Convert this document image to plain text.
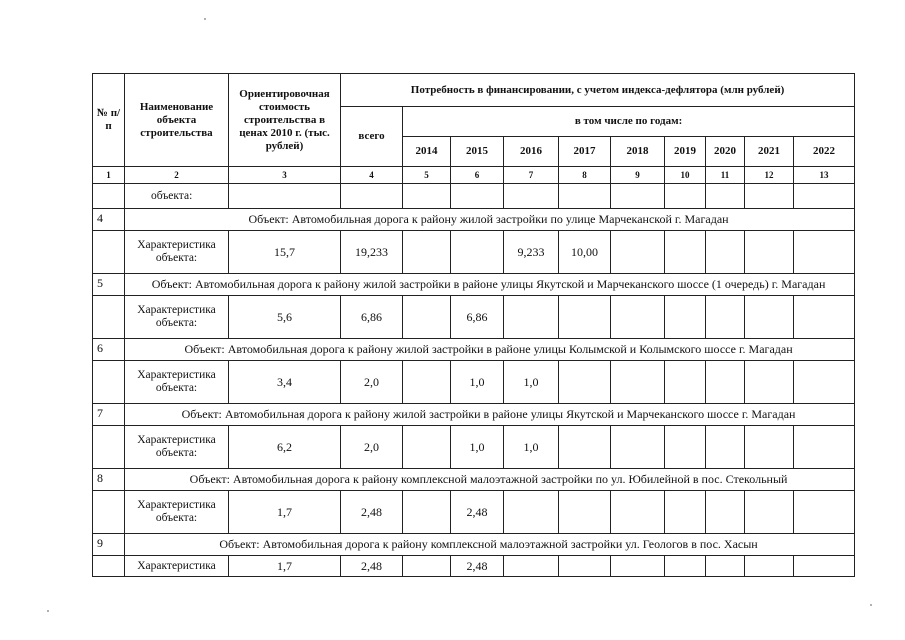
№ п/п	Наименование объекта строительства	Ориентировочная стоимость строительства в ценах 2010 г. (тыс. рублей)	Потребность в финансировании, с учетом индекса-дефлятора (млн рублей)									
			всего	в том числе по годам:								
				2014	2015	2016	2017	2018	2019	2020	2021	2022
1	2	3	4	5	6	7	8	9	10	11	12	13
	объекта:											
4	Объект: Автомобильная дорога к району жилой застройки по улице Марчеканской г. Магадан											
	Характеристика объекта:	15,7	19,233			9,233	10,00					
5	Объект: Автомобильная дорога к району жилой застройки в районе улицы Якутской и Марчеканского шоссе (1 очередь) г. Магадан											
	Характеристика объекта:	5,6	6,86		6,86							
6	Объект: Автомобильная дорога к району жилой застройки в районе улицы Колымской и Колымского шоссе г. Магадан											
	Характеристика объекта:	3,4	2,0		1,0	1,0						
7	Объект: Автомобильная дорога к району жилой застройки в районе улицы Якутской и Марчеканского шоссе г. Магадан											
	Характеристика объекта:	6,2	2,0		1,0	1,0						
8	Объект: Автомобильная дорога к району комплексной малоэтажной застройки по ул. Юбилейной в пос. Стекольный											
	Характеристика объекта:	1,7	2,48		2,48							
9	Объект: Автомобильная дорога к району комплексной малоэтажной застройки ул. Геологов в пос. Хасын											
	Характеристика	1,7	2,48		2,48							
